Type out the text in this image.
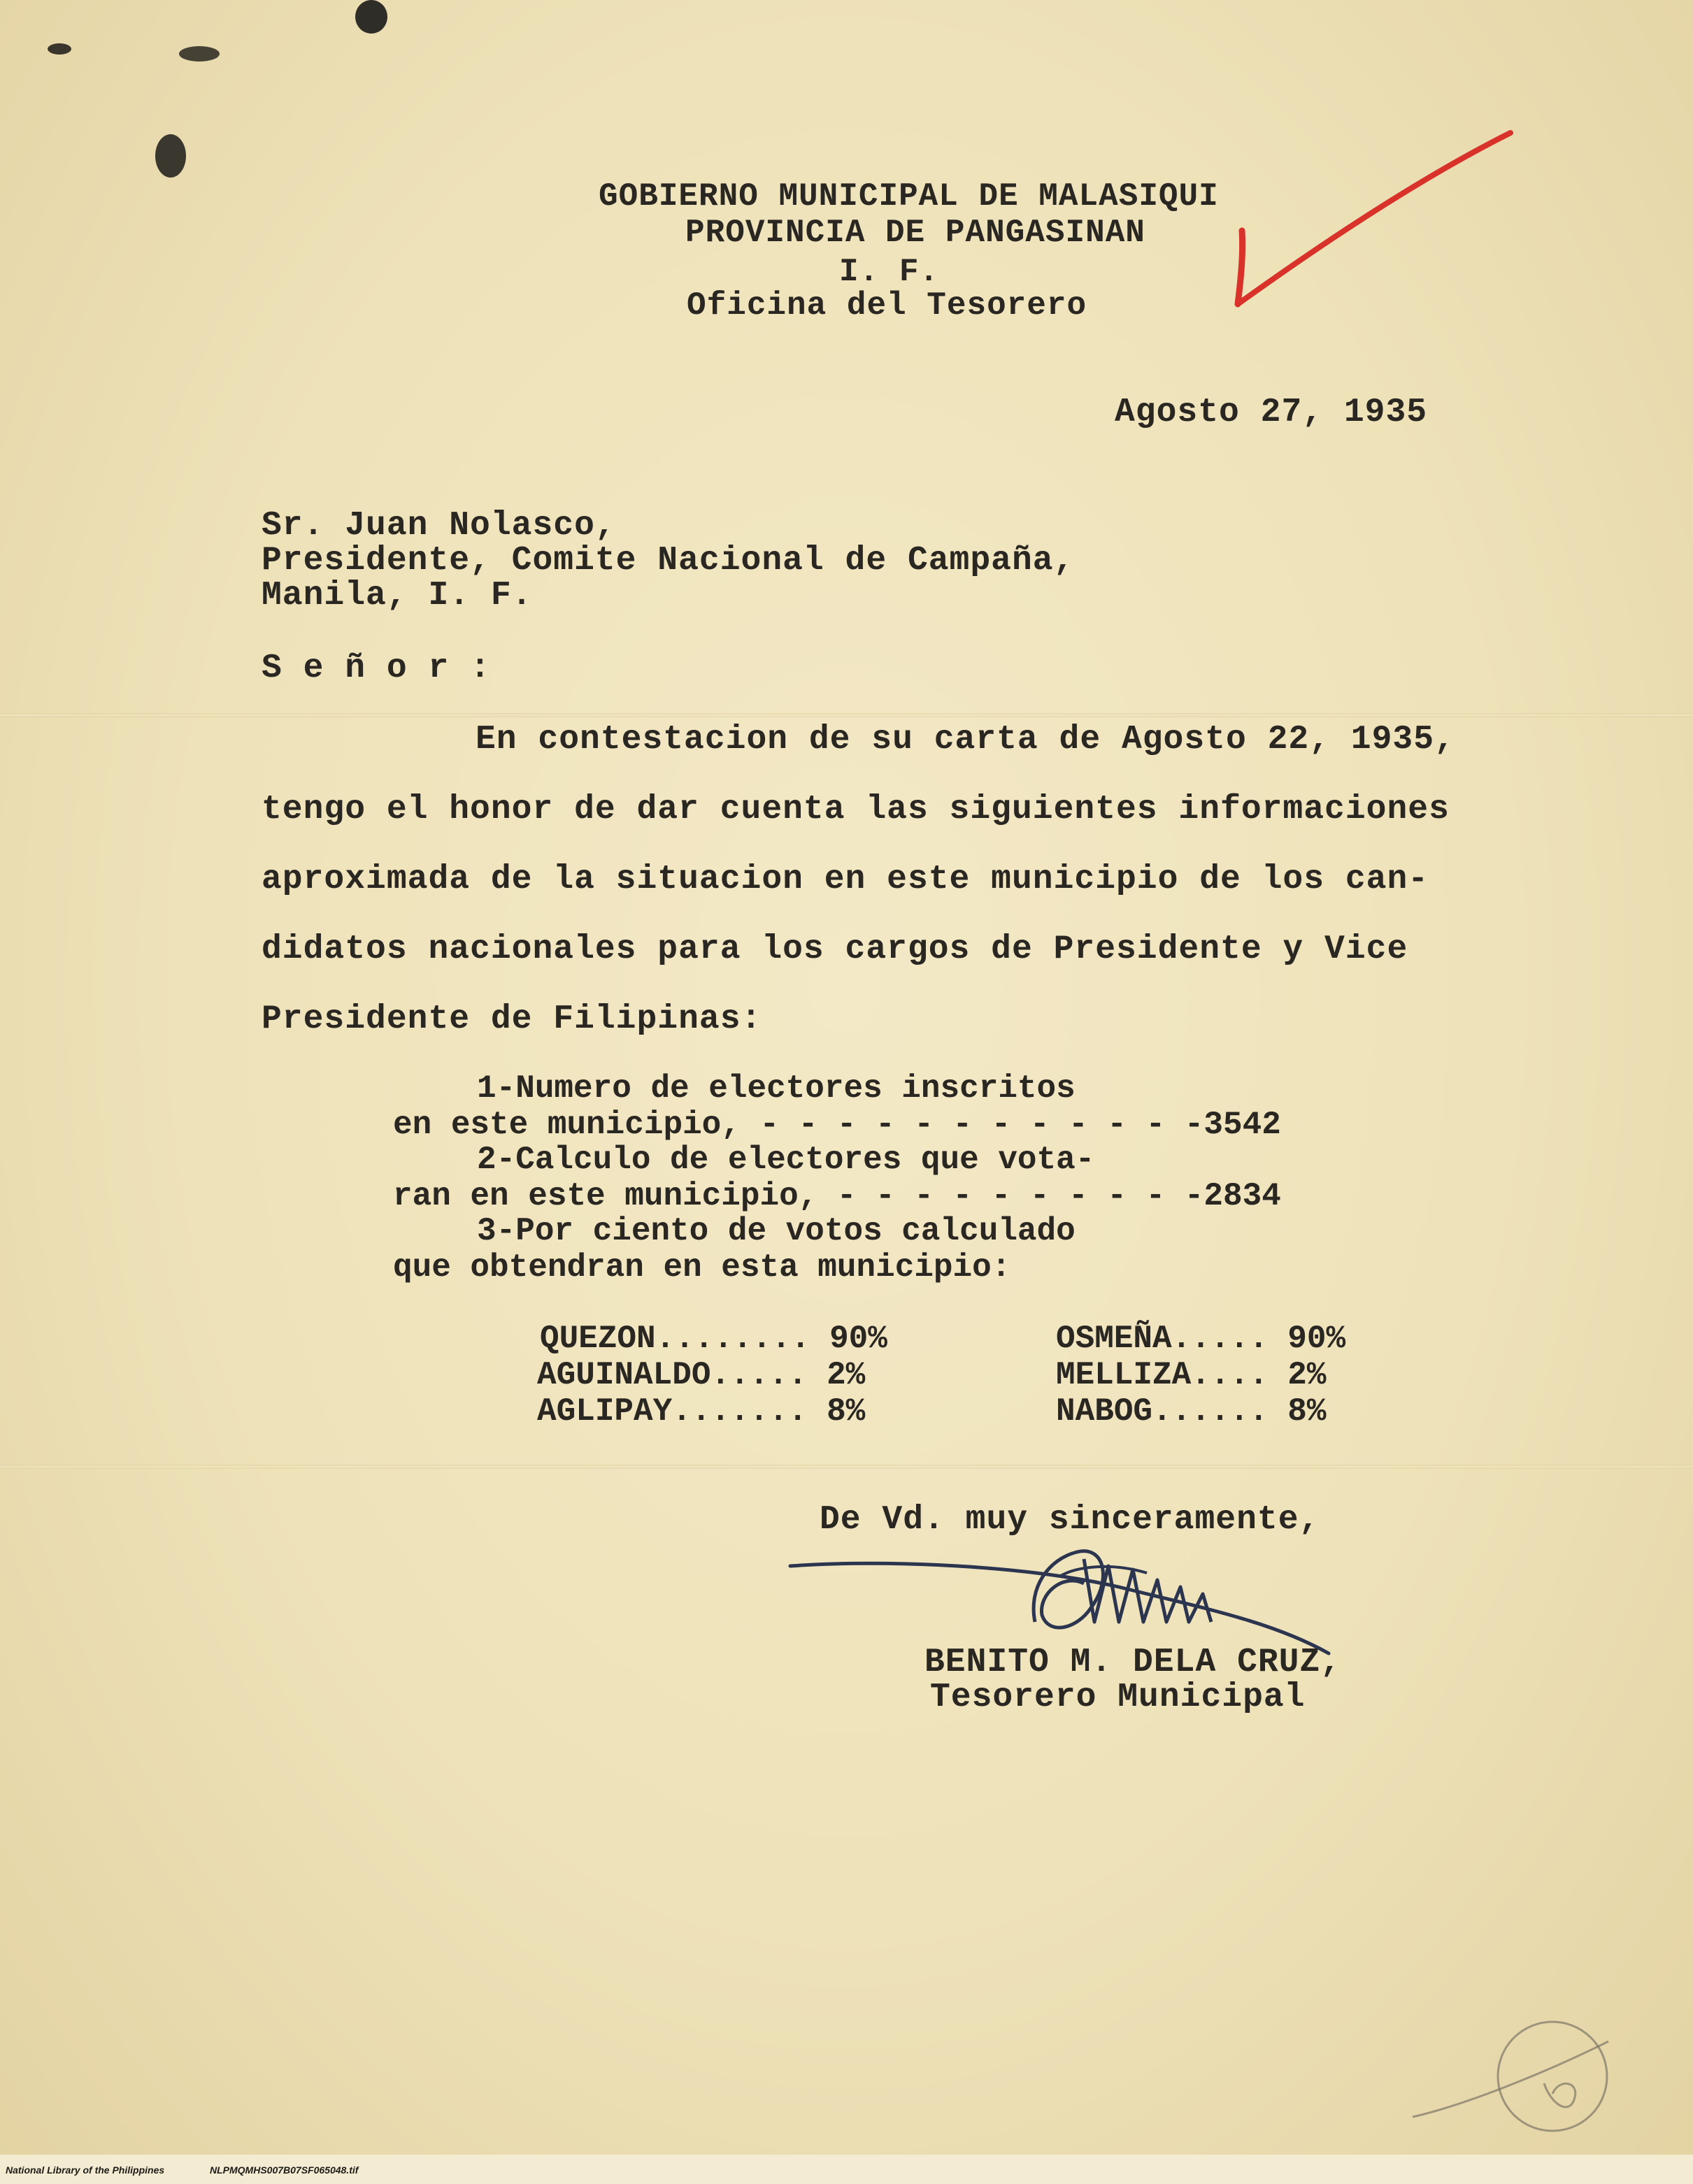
GOBIERNO MUNICIPAL DE MALASIQUI

PROVINCIA DE PANGASINAN

I. F.

Oficina del Tesorero

Agosto 27, 1935

Sr. Juan Nolasco,

Presidente, Comite Nacional de Campaña,

Manila, I. F.

S e ñ o r :

En contestacion de su carta de Agosto 22, 1935,

tengo el honor de dar cuenta las siguientes informaciones

aproximada de la situacion en este municipio de los can-

didatos nacionales para los cargos de Presidente y Vice

Presidente de Filipinas:

1-Numero de electores inscritos

en este municipio, - - - - - - - - - - - -3542

2-Calculo de electores que vota-

ran en este municipio, - - - - - - - - - -2834

3-Por ciento de votos calculado

que obtendran en esta municipio:

QUEZON........ 90%

AGUINALDO..... 2%

AGLIPAY....... 8%

OSMEÑA..... 90%

MELLIZA.... 2%

NABOG...... 8%

De Vd. muy sinceramente,

BENITO M. DELA CRUZ,

Tesorero Municipal

National Library of the Philippines	NLPMQMHS007B07SF065048.tif
